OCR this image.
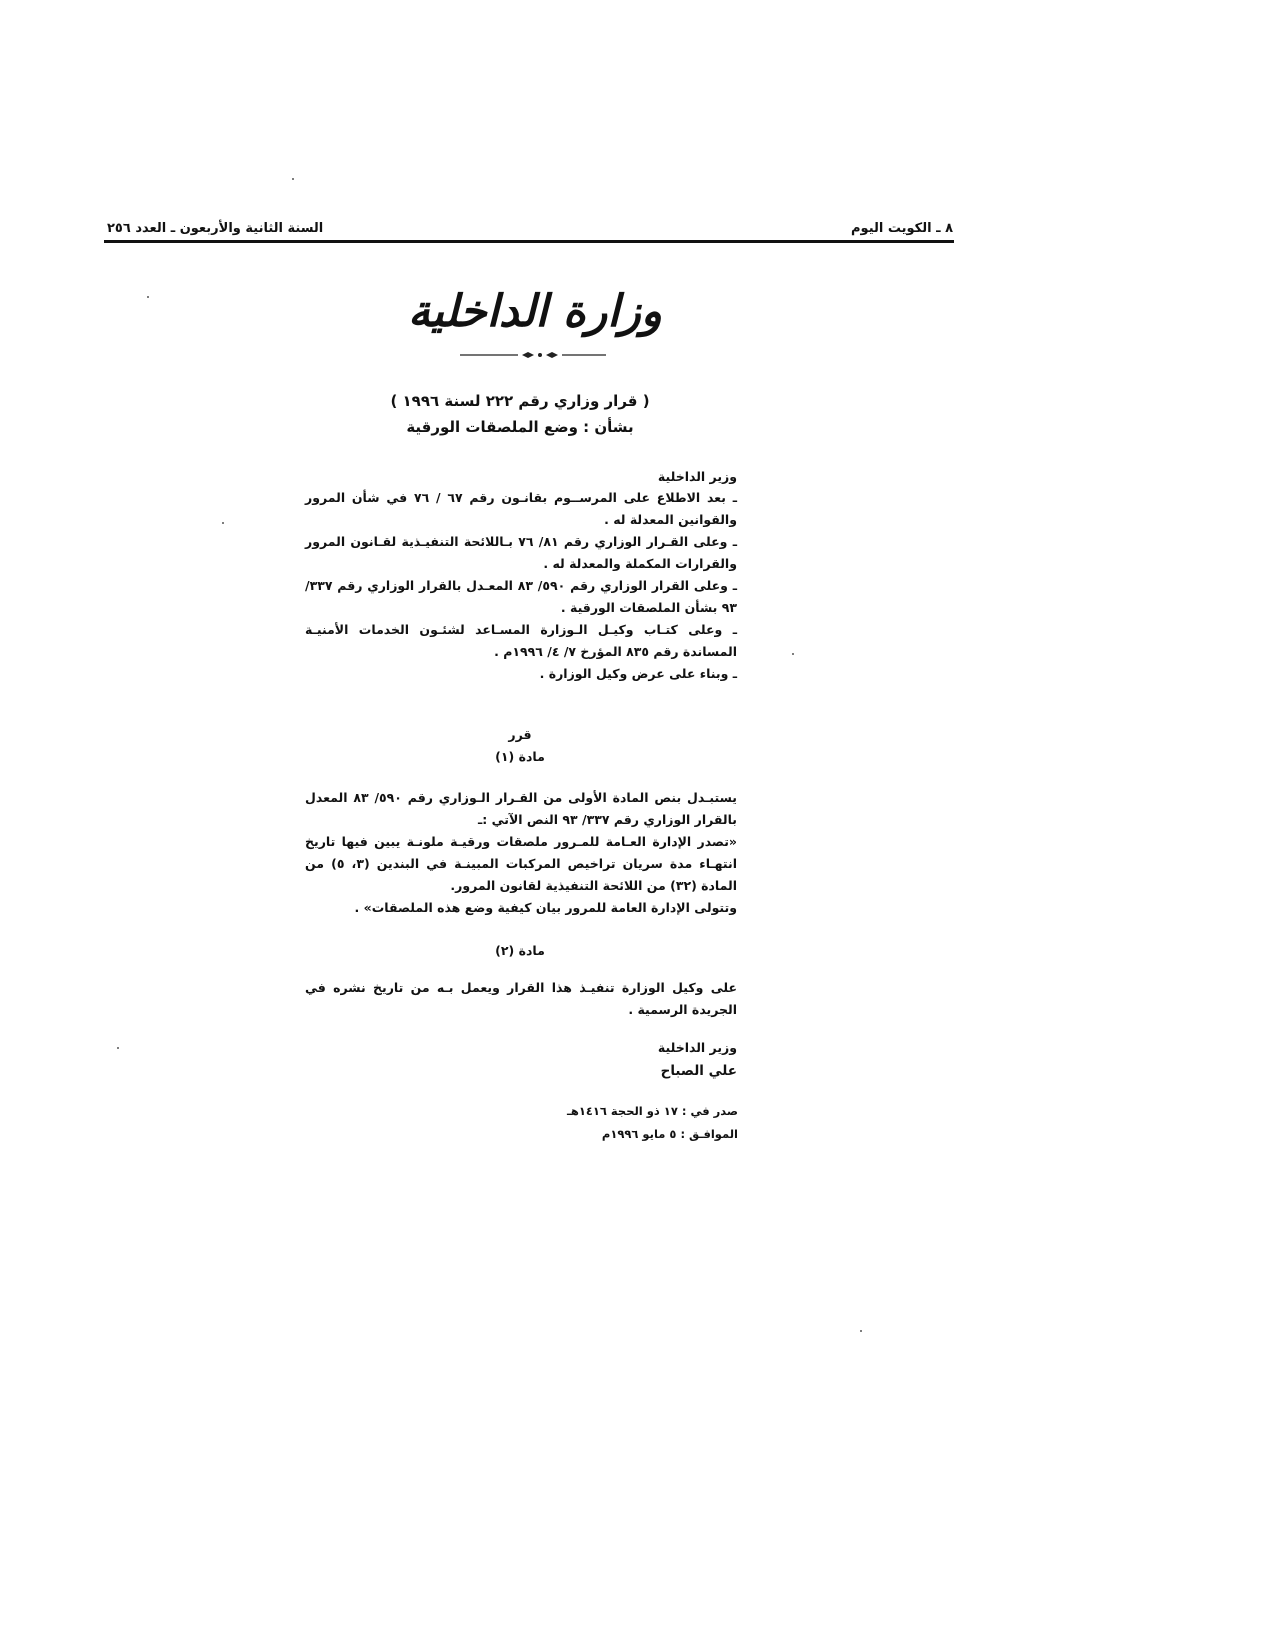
٨ ـ الكويت اليوم
السنة الثانية والأربعون ـ العدد ٢٥٦
وزارة الداخلية
( قرار وزاري رقم ٢٢٢ لسنة ١٩٩٦ )
بشأن : وضع الملصقات الورقية

وزير الداخلية

ـ بعد الاطلاع على المرســوم بقانـون رقم ٦٧ / ٧٦ في شأن المرور والقوانين المعدلة له .

ـ وعلى القـرار الوزاري رقم ٨١/ ٧٦ بـاللائحة التنفيـذية لقـانون المرور والقرارات المكملة والمعدلة له .

ـ وعلى القرار الوزاري رقم ٥٩٠/ ٨٣ المعـدل بالقرار الوزاري رقم ٣٣٧/ ٩٣ بشأن الملصقات الورقية .

ـ وعلى كتـاب وكيـل الـوزارة المسـاعد لشئـون الخدمات الأمنيـة المساندة رقم ٨٣٥ المؤرخ ٧/ ٤/ ١٩٩٦م .

ـ وبناء على عرض وكيل الوزارة .

قرر
مادة (١)

يستبـدل بنص المادة الأولى من القـرار الـوزاري رقم ٥٩٠/ ٨٣ المعدل بالقرار الوزاري رقم ٣٣٧/ ٩٣ النص الآتي :ـ

«تصدر الإدارة العـامة للمـرور ملصقات ورقيـة ملونـة يبين فيها تاريخ انتهـاء مدة سريان تراخيص المركبات المبينـة في البندين (٣، ٥) من المادة (٣٢) من اللائحة التنفيذية لقانون المرور.

وتتولى الإدارة العامة للمرور بيان كيفية وضع هذه الملصقات» .

مادة (٢)

على وكيل الوزارة تنفيـذ هذا القرار ويعمل بـه من تاريخ نشره في الجريدة الرسمية .

وزير الداخلية
علي الصباح
صدر في : ١٧ ذو الحجة ١٤١٦هـ
الموافـق : ٥ مايو ١٩٩٦م
